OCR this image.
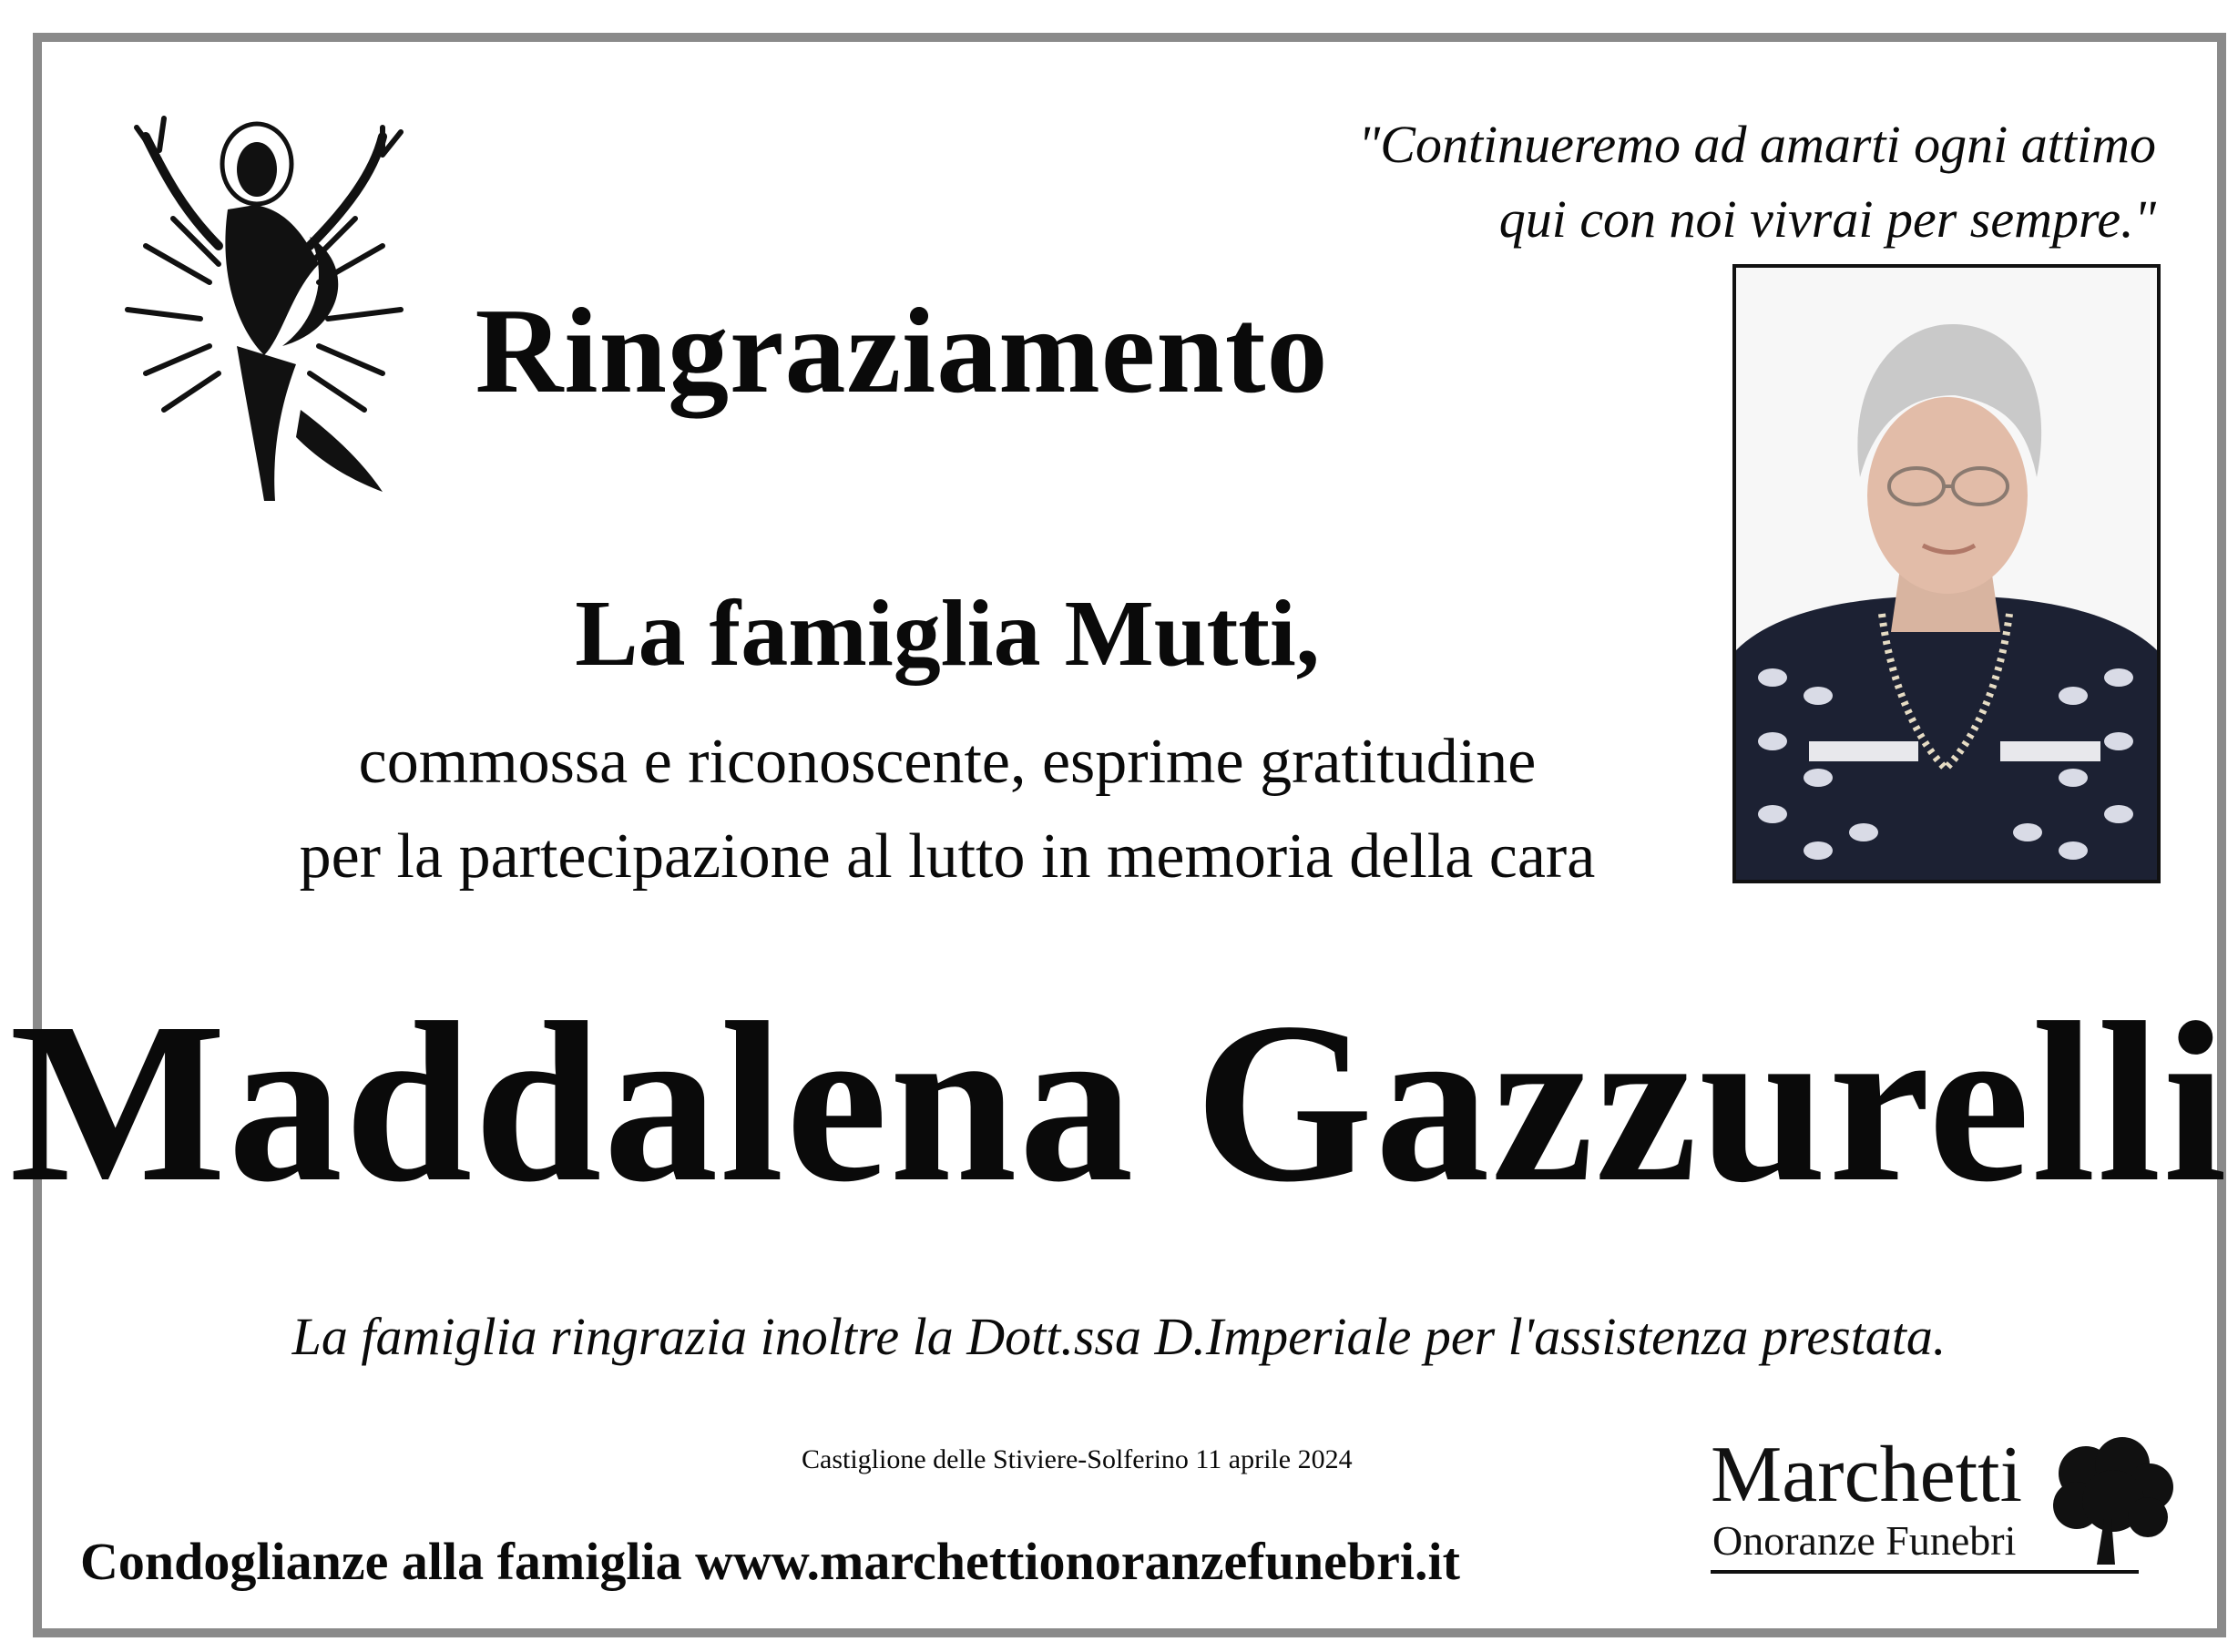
"Continueremo ad amarti ogni attimo
qui con noi vivrai per sempre."
Ringraziamento
La famiglia Mutti,
commossa e riconoscente, esprime gratitudine
per la partecipazione al lutto in memoria della cara
Maddalena Gazzurelli
La famiglia ringrazia inoltre la Dott.ssa D.Imperiale per l'assistenza prestata.
Castiglione delle Stiviere-Solferino 11 aprile 2024
Condoglianze alla famiglia www.marchettionoranzefunebri.it
Marchetti
Onoranze Funebri
